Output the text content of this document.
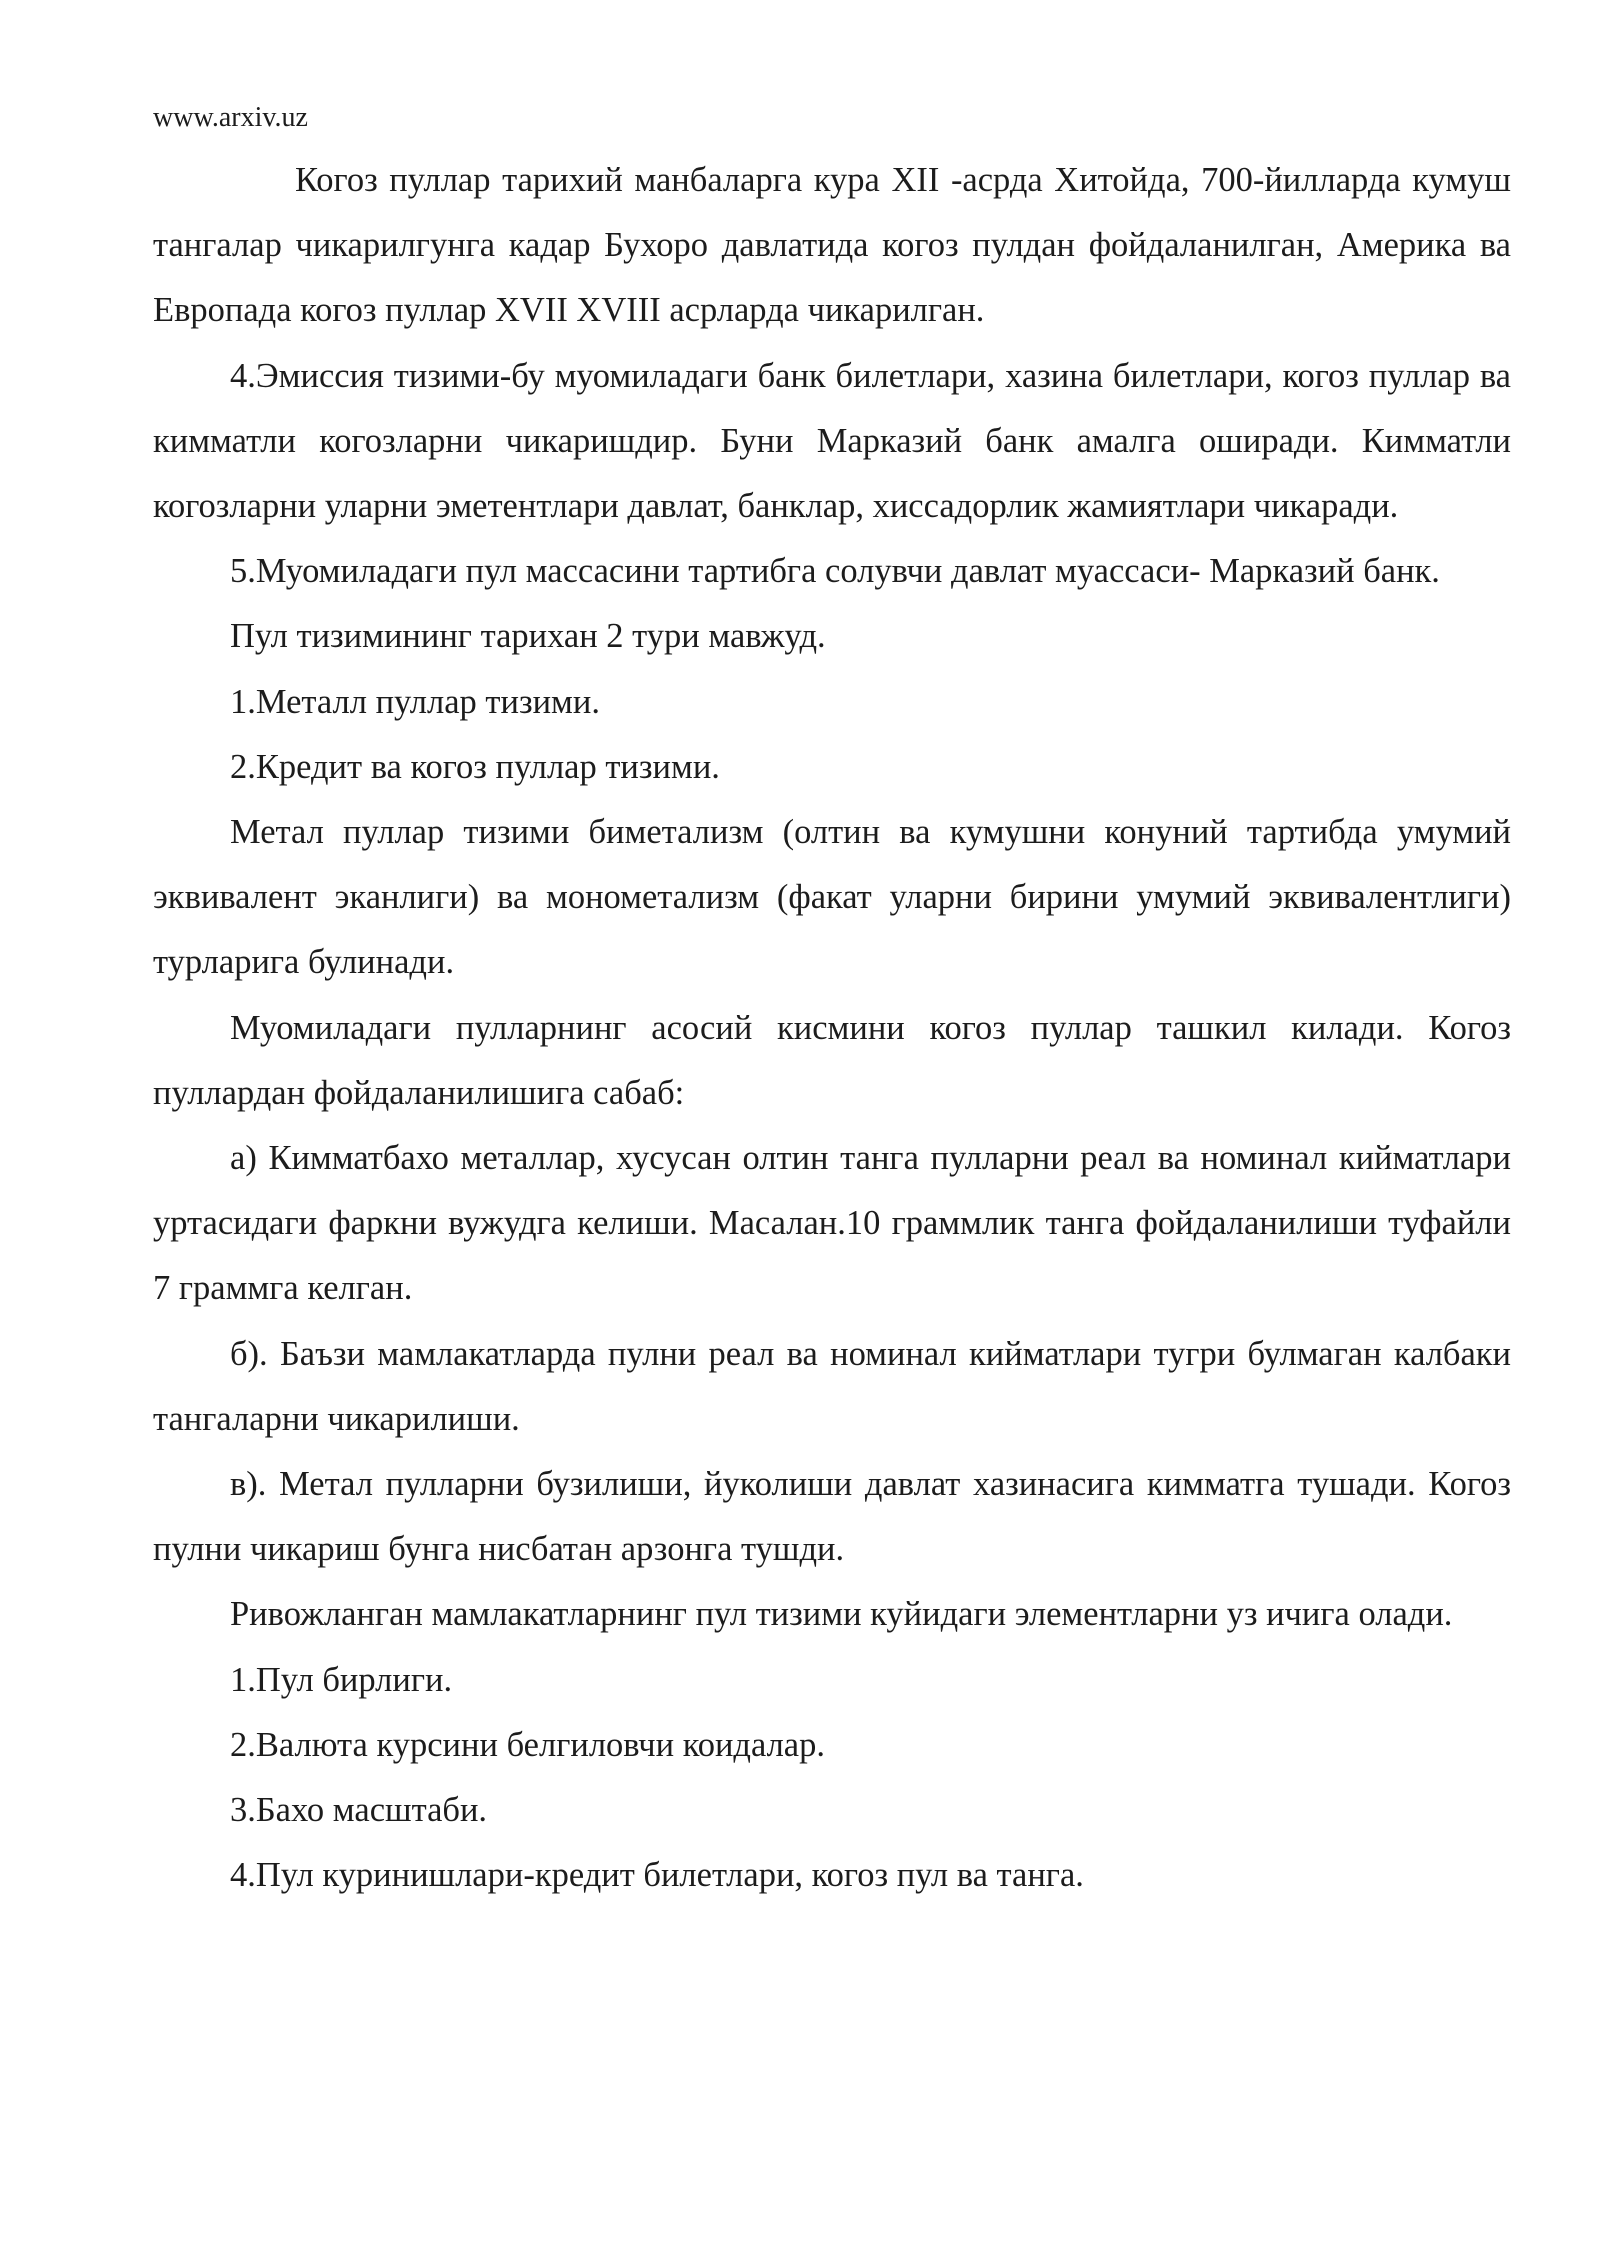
www.arxiv.uz

Когоз пуллар тарихий манбаларга кура XII -асрда Хитойда, 700-йилларда кумуш тангалар чикарилгунга кадар Бухоро давлатида когоз пулдан фойдаланилган, Америка ва Европада когоз пуллар XVII XVIII асрларда чикарилган.

4.Эмиссия тизими-бу муомиладаги банк билетлари, хазина билетлари, когоз пуллар ва кимматли когозларни чикаришдир. Буни Марказий банк амалга оширади. Кимматли когозларни уларни эметентлари давлат, банклар, хиссадорлик жамиятлари чикаради.

5.Муомиладаги пул массасини тартибга солувчи давлат муассаси- Марказий банк.

Пул тизимининг тарихан 2 тури мавжуд.

1.Металл пуллар тизими.

2.Кредит ва когоз пуллар тизими.

Метал пуллар тизими биметализм (олтин ва кумушни конуний тартибда умумий эквивалент эканлиги) ва монометализм (факат уларни бирини умумий эквивалентлиги) турларига булинади.

Муомиладаги пулларнинг асосий кисмини когоз пуллар ташкил килади. Когоз пуллардан фойдаланилишига сабаб:

а) Кимматбахо металлар, хусусан олтин танга пулларни реал ва номинал кийматлари уртасидаги фаркни вужудга келиши. Масалан.10 граммлик танга фойдаланилиши туфайли 7 граммга келган.

б). Баъзи мамлакатларда пулни реал ва номинал кийматлари тугри булмаган калбаки тангаларни чикарилиши.

в). Метал пулларни бузилиши, йуколиши давлат хазинасига кимматга тушади. Когоз пулни чикариш бунга нисбатан арзонга тушди.

Ривожланган мамлакатларнинг пул тизими куйидаги элементларни уз ичига олади.

1.Пул бирлиги.

2.Валюта курсини белгиловчи коидалар.

3.Бахо масштаби.

4.Пул куринишлари-кредит билетлари, когоз пул ва танга.
